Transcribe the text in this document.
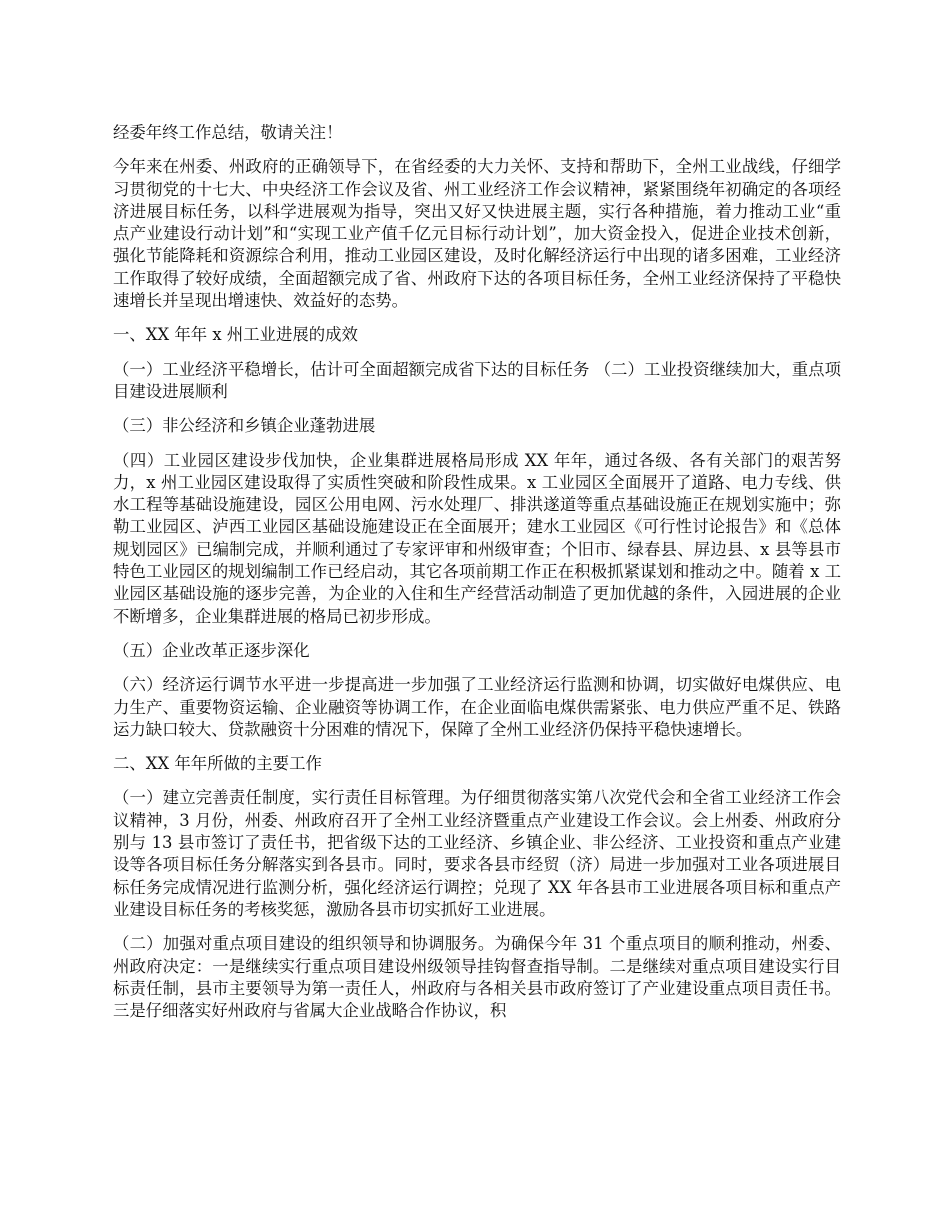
经委年终工作总结，敬请关注！

今年来在州委、州政府的正确领导下，在省经委的大力关怀、支持和帮助下，全州工业战线，仔细学习贯彻党的十七大、中央经济工作会议及省、州工业经济工作会议精神，紧紧围绕年初确定的各项经济进展目标任务，以科学进展观为指导，突出又好又快进展主题，实行各种措施，着力推动工业“重点产业建设行动计划”和“实现工业产值千亿元目标行动计划”，加大资金投入，促进企业技术创新，强化节能降耗和资源综合利用，推动工业园区建设，及时化解经济运行中出现的诸多困难，工业经济工作取得了较好成绩，全面超额完成了省、州政府下达的各项目标任务，全州工业经济保持了平稳快速增长并呈现出增速快、效益好的态势。

一、XX 年年 x 州工业进展的成效

（一）工业经济平稳增长，估计可全面超额完成省下达的目标任务 （二）工业投资继续加大，重点项目建设进展顺利

（三）非公经济和乡镇企业蓬勃进展

（四）工业园区建设步伐加快，企业集群进展格局形成 XX 年年，通过各级、各有关部门的艰苦努力，x 州工业园区建设取得了实质性突破和阶段性成果。x 工业园区全面展开了道路、电力专线、供水工程等基础设施建设，园区公用电网、污水处理厂、排洪遂道等重点基础设施正在规划实施中；弥勒工业园区、泸西工业园区基础设施建设正在全面展开；建水工业园区《可行性讨论报告》和《总体规划园区》已编制完成，并顺利通过了专家评审和州级审查；个旧市、绿春县、屏边县、x 县等县市特色工业园区的规划编制工作已经启动，其它各项前期工作正在积极抓紧谋划和推动之中。随着 x 工业园区基础设施的逐步完善，为企业的入住和生产经营活动制造了更加优越的条件，入园进展的企业不断增多，企业集群进展的格局已初步形成。

（五）企业改革正逐步深化

（六）经济运行调节水平进一步提高进一步加强了工业经济运行监测和协调，切实做好电煤供应、电力生产、重要物资运输、企业融资等协调工作，在企业面临电煤供需紧张、电力供应严重不足、铁路运力缺口较大、贷款融资十分困难的情况下，保障了全州工业经济仍保持平稳快速增长。

二、XX 年年所做的主要工作

（一）建立完善责任制度，实行责任目标管理。为仔细贯彻落实第八次党代会和全省工业经济工作会议精神，3 月份，州委、州政府召开了全州工业经济暨重点产业建设工作会议。会上州委、州政府分别与 13 县市签订了责任书，把省级下达的工业经济、乡镇企业、非公经济、工业投资和重点产业建设等各项目标任务分解落实到各县市。同时，要求各县市经贸（济）局进一步加强对工业各项进展目标任务完成情况进行监测分析，强化经济运行调控；兑现了 XX 年各县市工业进展各项目标和重点产业建设目标任务的考核奖惩，激励各县市切实抓好工业进展。

（二）加强对重点项目建设的组织领导和协调服务。为确保今年 31 个重点项目的顺利推动，州委、州政府决定：一是继续实行重点项目建设州级领导挂钩督查指导制。二是继续对重点项目建设实行目标责任制，县市主要领导为第一责任人，州政府与各相关县市政府签订了产业建设重点项目责任书。三是仔细落实好州政府与省属大企业战略合作协议，积
